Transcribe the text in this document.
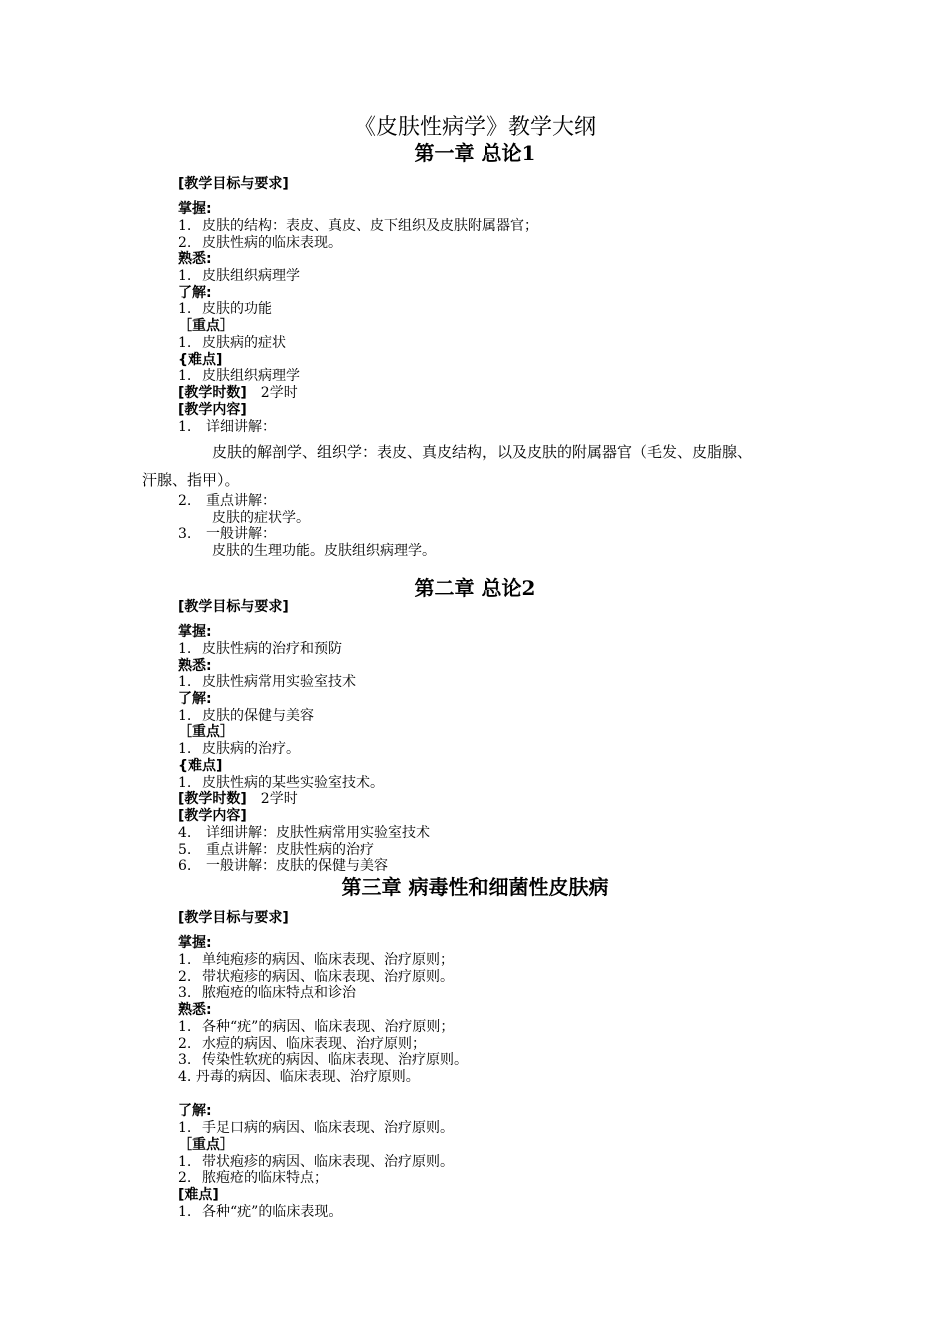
《皮肤性病学》教学大纲
第一章 总论1
[教学目标与要求]
掌握:
1. 皮肤的结构：表皮、真皮、皮下组织及皮肤附属器官；
2. 皮肤性病的临床表现。
熟悉:
1. 皮肤组织病理学
了解:
1. 皮肤的功能
［重点］
1. 皮肤病的症状
{难点]
1. 皮肤组织病理学
[教学时数] 2学时
[教学内容]
1. 详细讲解：
皮肤的解剖学、组织学：表皮、真皮结构，以及皮肤的附属器官（毛发、皮脂腺、
汗腺、指甲）。
2. 重点讲解：
皮肤的症状学。
3. 一般讲解：
皮肤的生理功能。皮肤组织病理学。
第二章 总论2
[教学目标与要求]
掌握:
1. 皮肤性病的治疗和预防
熟悉:
1. 皮肤性病常用实验室技术
了解:
1. 皮肤的保健与美容
［重点］
1. 皮肤病的治疗。
{难点]
1. 皮肤性病的某些实验室技术。
[教学时数] 2学时
[教学内容]
4. 详细讲解：皮肤性病常用实验室技术
5. 重点讲解：皮肤性病的治疗
6. 一般讲解：皮肤的保健与美容
第三章 病毒性和细菌性皮肤病
[教学目标与要求]
掌握:
1. 单纯疱疹的病因、临床表现、治疗原则；
2. 带状疱疹的病因、临床表现、治疗原则。
3. 脓疱疮的临床特点和诊治
熟悉:
1. 各种“疣”的病因、临床表现、治疗原则；
2. 水痘的病因、临床表现、治疗原则；
3. 传染性软疣的病因、临床表现、治疗原则。
4. 丹毒的病因、临床表现、治疗原则。
了解:
1. 手足口病的病因、临床表现、治疗原则。
［重点］
1. 带状疱疹的病因、临床表现、治疗原则。
2. 脓疱疮的临床特点；
[难点]
1. 各种“疣”的临床表现。
